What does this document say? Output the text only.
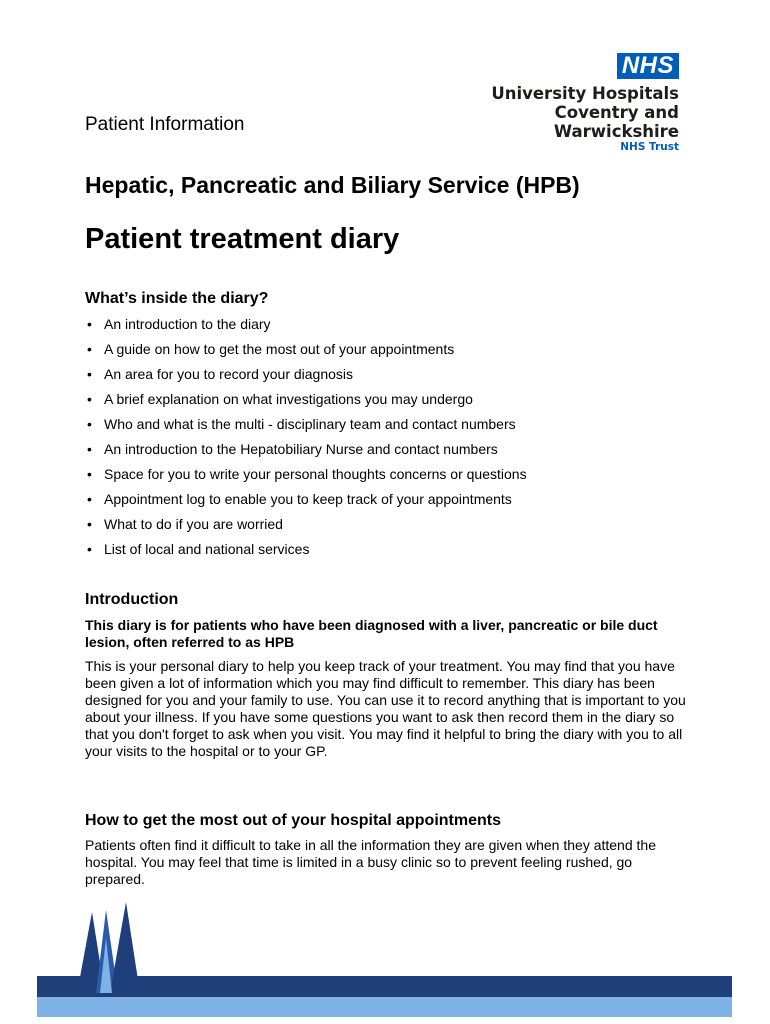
NHS
University Hospitals
Coventry and Warwickshire
NHS Trust
Patient Information
Hepatic, Pancreatic and Biliary Service (HPB)
Patient treatment diary
What’s inside the diary?
• An introduction to the diary
• A guide on how to get the most out of your appointments
• An area for you to record your diagnosis
• A brief explanation on what investigations you may undergo
• Who and what is the multi - disciplinary team and contact numbers
• An introduction to the Hepatobiliary Nurse and contact numbers
• Space for you to write your personal thoughts concerns or questions
• Appointment log to enable you to keep track of your appointments
• What to do if you are worried
• List of local and national services
Introduction

This diary is for patients who have been diagnosed with a liver, pancreatic or bile duct lesion, often referred to as HPB

This is your personal diary to help you keep track of your treatment. You may find that you have been given a lot of information which you may find difficult to remember. This diary has been designed for you and your family to use. You can use it to record anything that is important to you about your illness. If you have some questions you want to ask then record them in the diary so that you don't forget to ask when you visit. You may find it helpful to bring the diary with you to all your visits to the hospital or to your GP.

How to get the most out of your hospital appointments

Patients often find it difficult to take in all the information they are given when they attend the hospital. You may feel that time is limited in a busy clinic so to prevent feeling rushed, go prepared.
